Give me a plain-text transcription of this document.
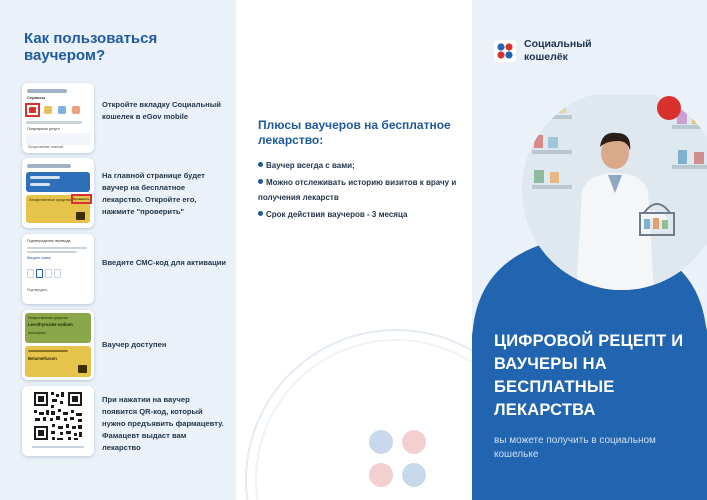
Как пользоваться ваучером?
Сервисы
Популярные услуги
Просроченные платежи
Откройте вкладку Социальный кошелек в eGov mobile
Лекарственные средства Проверить
На главной странице будет ваучер на бесплатное лекарство. Откройте его, нажмите "проверить"
Подтверждение перевода
Введите номер
Подтвердить
Введите СМС-код для активации
Лекарственные средства
Levothyroxine sodium
Amlodipine
Betamethason
Ваучер доступен
При нажатии на ваучер появится QR-код, который нужно предъявить фармацевту. Фамацевт выдаст вам лекарство
Плюсы ваучеров на бесплатное лекарство:
Ваучер всегда с вами;
Можно отслеживать историю визитов к врачу и получения лекарств
Срок действия ваучеров - 3 месяца
Социальный кошелёк
ЦИФРОВОЙ РЕЦЕПТ И ВАУЧЕРЫ НА БЕСПЛАТНЫЕ ЛЕКАРСТВА
вы можете получить в социальном кошельке
